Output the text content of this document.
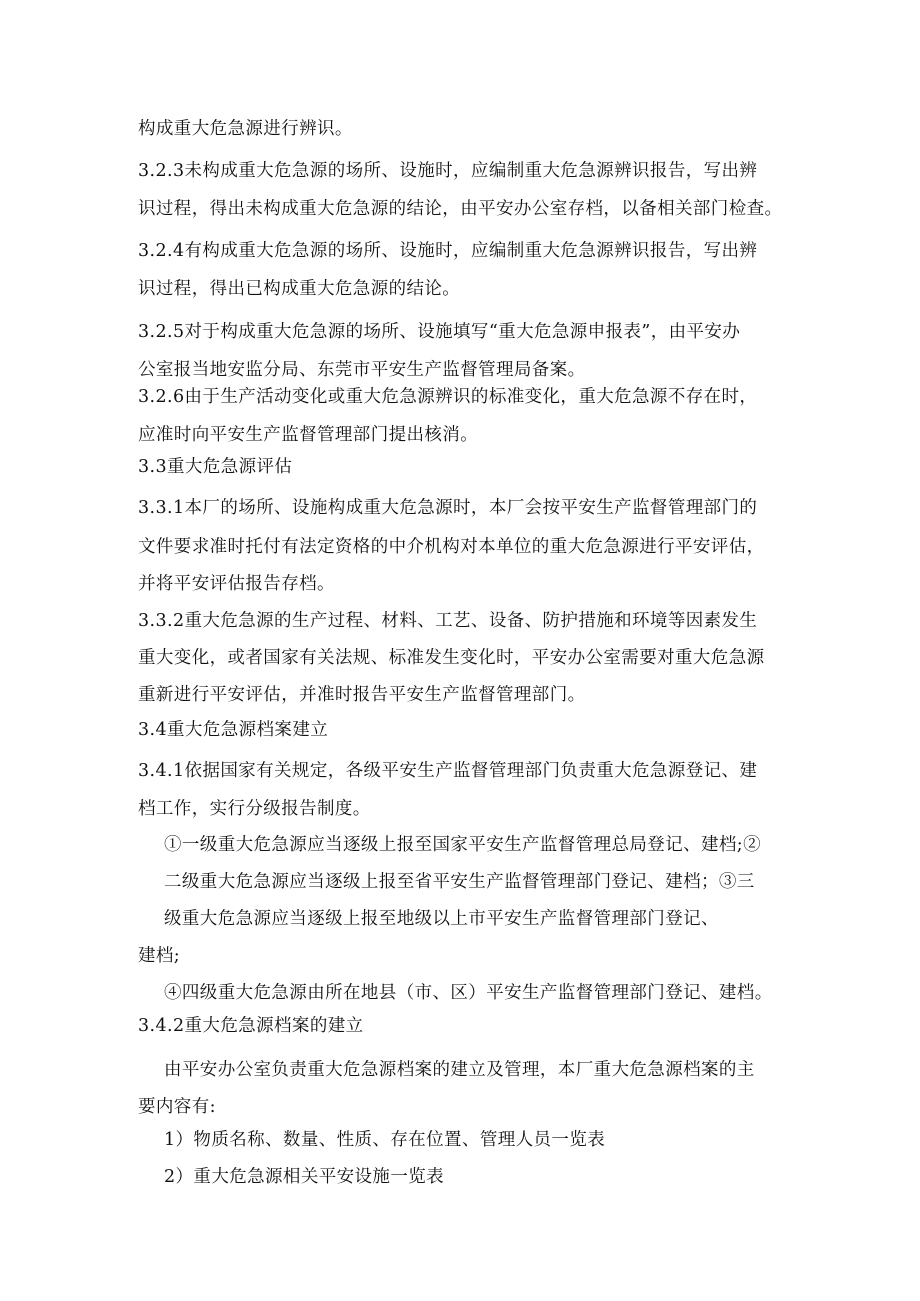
构成重大危急源进行辨识。
3.2.3未构成重大危急源的场所、设施时，应编制重大危急源辨识报告，写出辨
识过程，得出未构成重大危急源的结论，由平安办公室存档，以备相关部门检查。
3.2.4有构成重大危急源的场所、设施时，应编制重大危急源辨识报告，写出辨
识过程，得出已构成重大危急源的结论。
3.2.5对于构成重大危急源的场所、设施填写“重大危急源申报表”，由平安办
公室报当地安监分局、东莞市平安生产监督管理局备案。
3.2.6由于生产活动变化或重大危急源辨识的标准变化，重大危急源不存在时，
应准时向平安生产监督管理部门提出核消。
3.3重大危急源评估
3.3.1本厂的场所、设施构成重大危急源时，本厂会按平安生产监督管理部门的
文件要求准时托付有法定资格的中介机构对本单位的重大危急源进行平安评估，
并将平安评估报告存档。
3.3.2重大危急源的生产过程、材料、工艺、设备、防护措施和环境等因素发生
重大变化，或者国家有关法规、标准发生变化时，平安办公室需要对重大危急源
重新进行平安评估，并准时报告平安生产监督管理部门。
3.4重大危急源档案建立
3.4.1依据国家有关规定，各级平安生产监督管理部门负责重大危急源登记、建
档工作，实行分级报告制度。
①一级重大危急源应当逐级上报至国家平安生产监督管理总局登记、建档;②
二级重大危急源应当逐级上报至省平安生产监督管理部门登记、建档；③三
级重大危急源应当逐级上报至地级以上市平安生产监督管理部门登记、
建档;
④四级重大危急源由所在地县（市、区）平安生产监督管理部门登记、建档。
3.4.2重大危急源档案的建立
由平安办公室负责重大危急源档案的建立及管理，本厂重大危急源档案的主
要内容有:
1）物质名称、数量、性质、存在位置、管理人员一览表
2）重大危急源相关平安设施一览表
